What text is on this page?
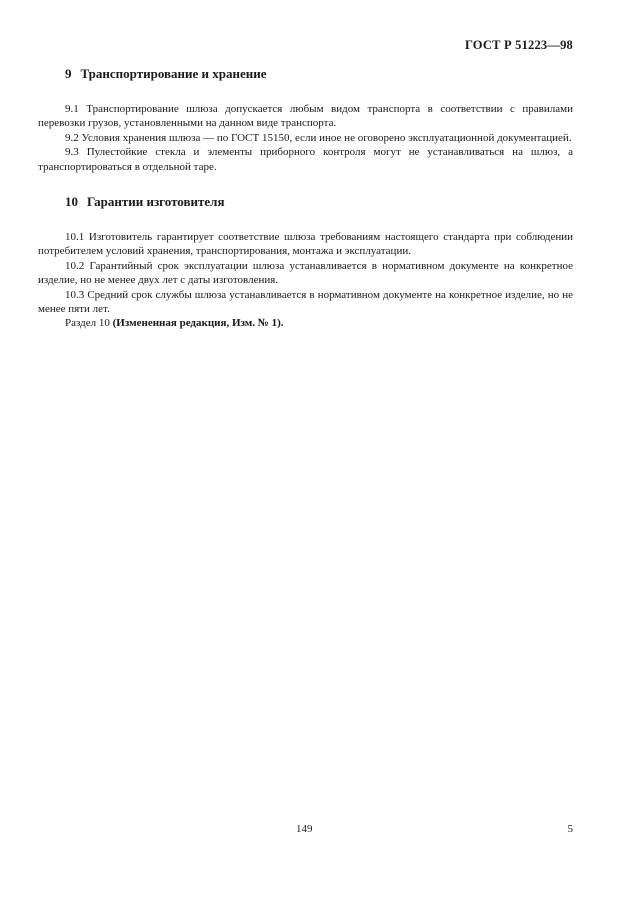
ГОСТ Р 51223—98
9 Транспортирование и хранение

9.1 Транспортирование шлюза допускается любым видом транспорта в соответствии с правилами перевозки грузов, установленными на данном виде транспорта.

9.2 Условия хранения шлюза — по ГОСТ 15150, если иное не оговорено эксплуатационной документацией.

9.3 Пулестойкие стекла и элементы приборного контроля могут не устанавливаться на шлюз, а транспортироваться в отдельной таре.

10 Гарантии изготовителя

10.1 Изготовитель гарантирует соответствие шлюза требованиям настоящего стандарта при соблюдении потребителем условий хранения, транспортирования, монтажа и эксплуатации.

10.2 Гарантийный срок эксплуатации шлюза устанавливается в нормативном документе на конкретное изделие, но не менее двух лет с даты изготовления.

10.3 Средний срок службы шлюза устанавливается в нормативном документе на конкретное изделие, но не менее пяти лет.

Раздел 10 (Измененная редакция, Изм. № 1).

149	5
